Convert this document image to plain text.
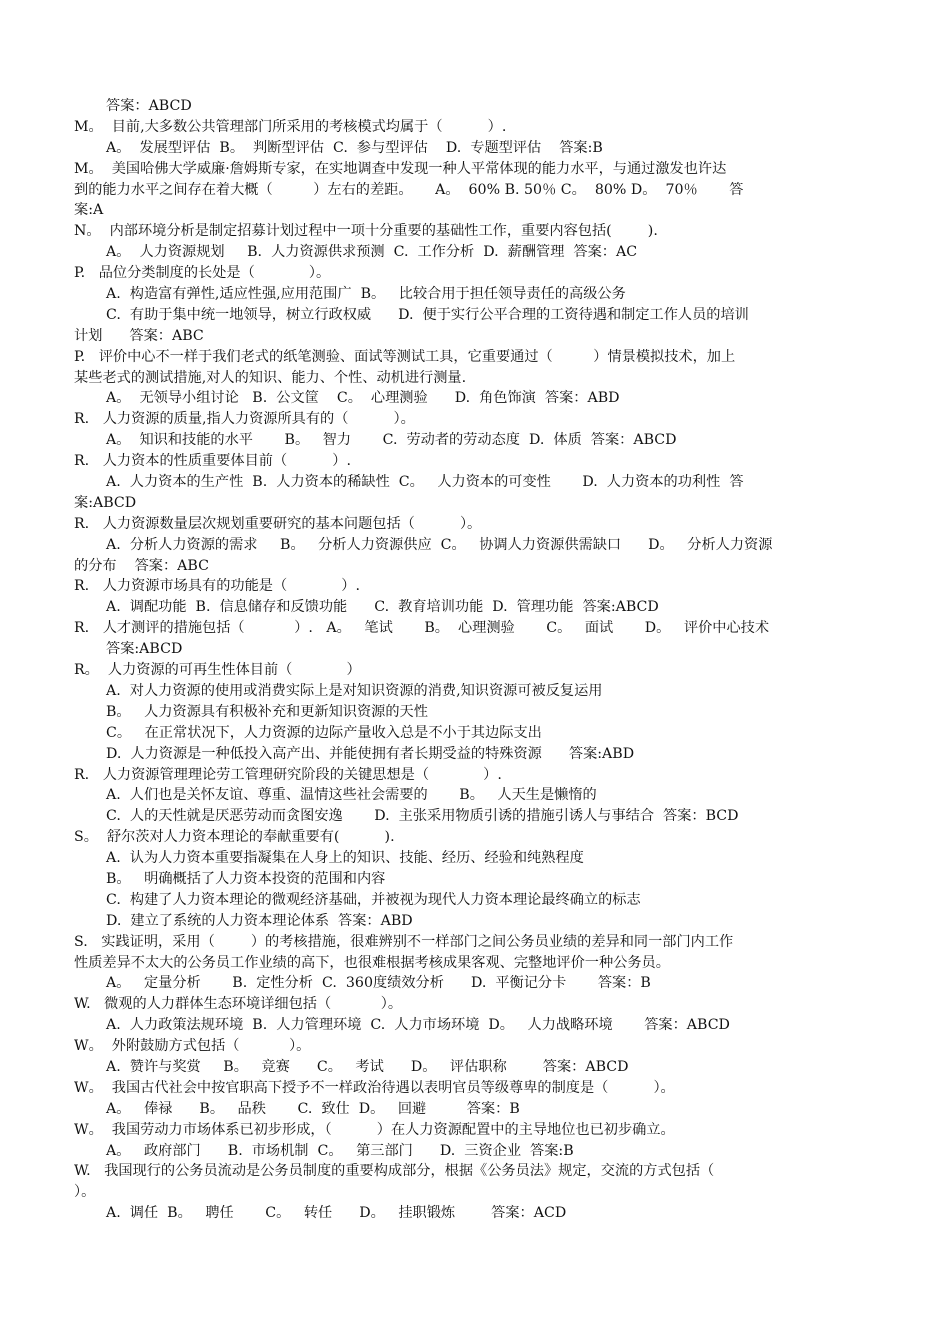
答案：ABCD
M。  目前,大多数公共管理部门所采用的考核模式均属于（          ）.
A。  发展型评估  B。  判断型评估  C.  参与型评估    D.  专题型评估    答案:B
M。  美国哈佛大学威廉·詹姆斯专家，在实地调查中发现一种人平常体现的能力水平，与通过激发也许达
到的能力水平之间存在着大概（         ）左右的差距。     A。  60% B. 50％ C。  80% D。  70％       答
案:A
N。  内部环境分析是制定招募计划过程中一项十分重要的基础性工作，重要内容包括(        ).
A。  人力资源规划     B.  人力资源供求预测  C.  工作分析  D.  薪酬管理  答案：AC
P.   品位分类制度的长处是（            ）。
A.  构造富有弹性,适应性强,应用范围广  B。   比较合用于担任领导责任的高级公务
C.  有助于集中统一地领导，树立行政权威      D.  便于实行公平合理的工资待遇和制定工作人员的培训
计划      答案：ABC
P.   评价中心不一样于我们老式的纸笔测验、面试等测试工具，它重要通过（         ）情景模拟技术，加上
某些老式的测试措施,对人的知识、能力、个性、动机进行测量.
A。  无领导小组讨论   B.  公文筐    C。  心理测验      D.  角色饰演  答案：ABD
R.   人力资源的质量,指人力资源所具有的（          ）。
A。  知识和技能的水平       B。   智力       C.  劳动者的劳动态度  D.  体质  答案：ABCD
R.   人力资本的性质重要体目前（          ）.
A.  人力资本的生产性  B.  人力资本的稀缺性  C。   人力资本的可变性       D.  人力资本的功利性  答
案:ABCD
R.   人力资源数量层次规划重要研究的基本问题包括（          ）。
A.  分析人力资源的需求     B。   分析人力资源供应  C。   协调人力资源供需缺口      D。   分析人力资源
的分布    答案：ABC
R.   人力资源市场具有的功能是（            ）.
A.  调配功能  B.  信息储存和反馈功能      C.  教育培训功能  D.  管理功能  答案:ABCD
R.   人才测评的措施包括（           ）.   A。   笔试       B。  心理测验       C。   面试       D。   评价中心技术
答案:ABCD
R。  人力资源的可再生性体目前（            ）
A.  对人力资源的使用或消费实际上是对知识资源的消费,知识资源可被反复运用
B。   人力资源具有积极补充和更新知识资源的天性
C。   在正常状况下，人力资源的边际产量收入总是不小于其边际支出
D.  人力资源是一种低投入高产出、并能使拥有者长期受益的特殊资源      答案:ABD
R.   人力资源管理理论劳工管理研究阶段的关键思想是（            ）.
A.  人们也是关怀友谊、尊重、温情这些社会需要的       B。   人天生是懒惰的
C.  人的天性就是厌恶劳动而贪图安逸       D.  主张采用物质引诱的措施引诱人与事结合  答案：BCD
S。  舒尔茨对人力资本理论的奉献重要有(          ).
A.  认为人力资本重要指凝集在人身上的知识、技能、经历、经验和纯熟程度
B。   明确概括了人力资本投资的范围和内容
C.  构建了人力资本理论的微观经济基础，并被视为现代人力资本理论最终确立的标志
D.  建立了系统的人力资本理论体系  答案：ABD
S.   实践证明，采用（        ）的考核措施，很难辨别不一样部门之间公务员业绩的差异和同一部门内工作
性质差异不太大的公务员工作业绩的高下，也很难根据考核成果客观、完整地评价一种公务员。
A。   定量分析       B.  定性分析  C.  360度绩效分析      D.  平衡记分卡       答案：B
W.   微观的人力群体生态环境详细包括（           ）。
A.  人力政策法规环境  B.  人力管理环境  C.  人力市场环境  D。   人力战略环境       答案：ABCD
W。  外附鼓励方式包括（           ）。
A.  赞许与奖赏     B。   竞赛      C。   考试      D。   评估职称        答案：ABCD
W。  我国古代社会中按官职高下授予不一样政治待遇以表明官员等级尊卑的制度是（          ）。
A。   俸禄      B。   品秩       C.  致仕  D。   回避         答案：B
W。  我国劳动力市场体系已初步形成，（          ）在人力资源配置中的主导地位也已初步确立。
A。   政府部门      B.  市场机制  C。   第三部门      D.  三资企业  答案:B
W.   我国现行的公务员流动是公务员制度的重要构成部分，根据《公务员法》规定，交流的方式包括（
）。
A.  调任  B。   聘任       C。   转任      D。   挂职锻炼        答案：ACD
